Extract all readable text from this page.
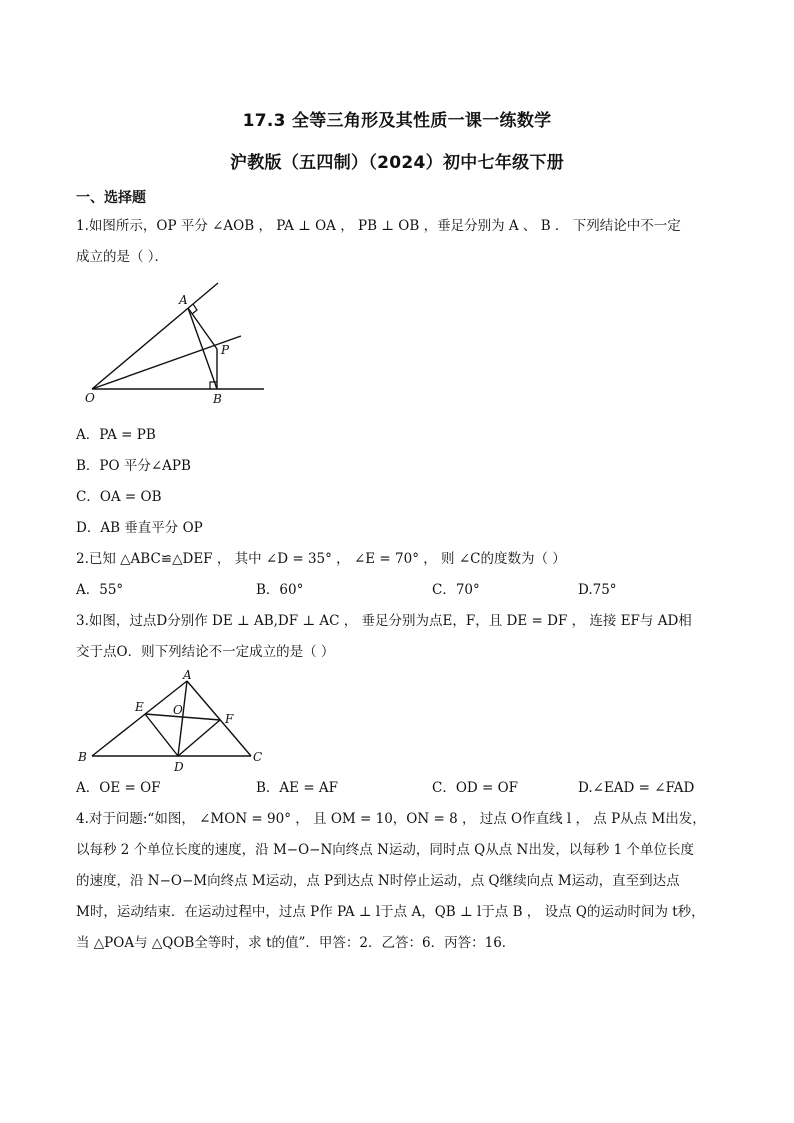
17.3 全等三角形及其性质一课一练数学
沪教版（五四制）（2024）初中七年级下册
一、选择题
1.如图所示，OP 平分 ∠AOB ， PA ⊥ OA ， PB ⊥ OB ，垂足分别为 A 、 B ． 下列结论中不一定
成立的是（ ）．
A
P
O	B
A．PA = PB
B．PO 平分∠APB
C．OA = OB
D．AB 垂直平分 OP
2.已知 △ABC≌△DEF ， 其中 ∠D = 35° ， ∠E = 70° ， 则 ∠C的度数为（ ）
A．55°	B．60°	C．70°	D.75°
3.如图，过点D分别作 DE ⊥ AB,DF ⊥ AC ， 垂足分别为点E，F，且 DE = DF ， 连接 EF与 AD相
交于点O．则下列结论不一定成立的是（ ）
A
E O
F
B
D
C
A．OE = OF	B．AE = AF	C．OD = OF	D.∠EAD = ∠FAD
4.对于问题:“如图， ∠MON = 90° ， 且 OM = 10，ON = 8 ， 过点 O作直线 l ， 点 P从点 M出发，
以每秒 2 个单位长度的速度，沿 M−O−N向终点 N运动，同时点 Q从点 N出发，以每秒 1 个单位长度
的速度，沿 N−O−M向终点 M运动，点 P到达点 N时停止运动，点 Q继续向点 M运动，直至到达点
M时，运动结束．在运动过程中，过点 P作 PA ⊥ l于点 A，QB ⊥ l于点 B ， 设点 Q的运动时间为 t秒，
当 △POA与 △QOB全等时，求 t的值”．甲答：2．乙答：6．丙答：16．
